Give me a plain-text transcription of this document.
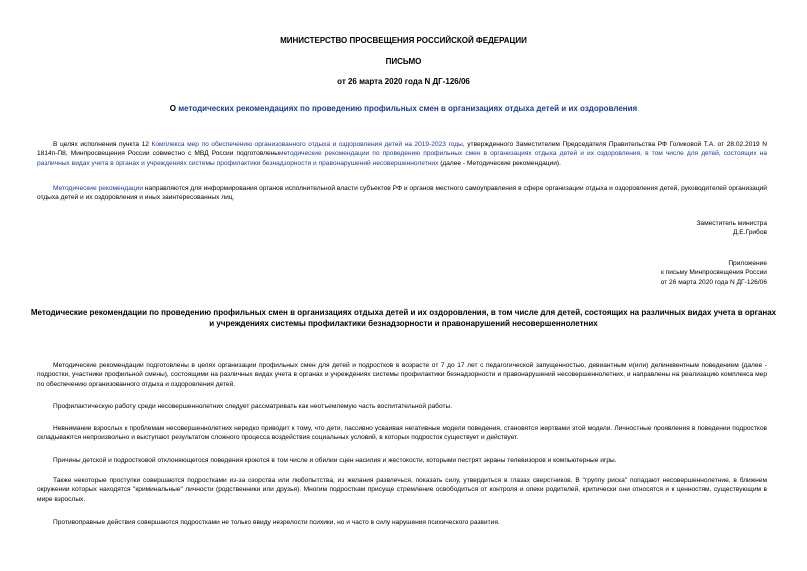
МИНИСТЕРСТВО ПРОСВЕЩЕНИЯ РОССИЙСКОЙ ФЕДЕРАЦИИ
ПИСЬМО
от 26 марта 2020 года N ДГ-126/06
О методических рекомендациях по проведению профильных смен в организациях отдыха детей и их оздоровления
В целях исполнения пункта 12 Комплекса мер по обеспечению организованного отдыха и оздоровления детей на 2019-2023 годы, утвержденного Заместителем Председателя Правительства РФ Голиковой Т.А. от 28.02.2019 N 1814п-П8, Минпросвещения России совместно с МВД России подготовленыметодические рекомендации по проведению профильных смен в организациях отдыха детей и их оздоровления, в том числе для детей, состоящих на различных видах учета в органах и учреждениях системы профилактики безнадзорности и правонарушений несовершеннолетних (далее - Методические рекомендации).
Методические рекомендации направляются для информирования органов исполнительной власти субъектов РФ и органов местного самоуправления в сфере организации отдыха и оздоровления детей, руководителей организаций отдыха детей и их оздоровления и иных заинтересованных лиц.
Заместитель министра
Д.Е.Грибов
Приложение
к письму Минпросвещения России
от 26 марта 2020 года N ДГ-126/06
Методические рекомендации по проведению профильных смен в организациях отдыха детей и их оздоровления, в том числе для детей, состоящих на различных видах учета в органах и учреждениях системы профилактики безнадзорности и правонарушений несовершеннолетних
Методические рекомендации подготовлены в целях организации профильных смен для детей и подростков в возрасте от 7 до 17 лет с педагогической запущенностью, девиантным и(или) делинквентным поведением (далее - подростки, участники профильной смены), состоящими на различных видах учета в органах и учреждениях системы профилактики безнадзорности и правонарушений несовершеннолетних, и направлены на реализацию комплекса мер по обеспечению организованного отдыха и оздоровления детей.
Профилактическую работу среди несовершеннолетних следует рассматривать как неотъемлемую часть воспитательной работы.
Невнимание взрослых к проблемам несовершеннолетних нередко приводит к тому, что дети, пассивно усваивая негативные модели поведения, становятся жертвами этой модели. Личностные проявления в поведении подростков складываются непроизвольно и выступают результатом сложного процесса воздействия социальных условий, в которых подросток существует и действует.
Причины детской и подростковой отклоняющегося поведения кроются в том числе и обилии сцен насилия и жестокости, которыми пестрят экраны телевизоров и компьютерные игры.
Также некоторые проступки совершаются подростками из-за озорства или любопытства, из желания развлечься, показать силу, утвердиться в глазах сверстников. В "группу риска" попадают несовершеннолетние, в ближнем окружении которых находятся "криминальные" личности (родственники или друзья). Многим подросткам присуще стремление освободиться от контроля и опеки родителей, критически они относятся и к ценностям, существующим в мире взрослых.
Противоправные действия совершаются подростками не только ввиду незрелости психики, но и часто в силу нарушения психического развития.
